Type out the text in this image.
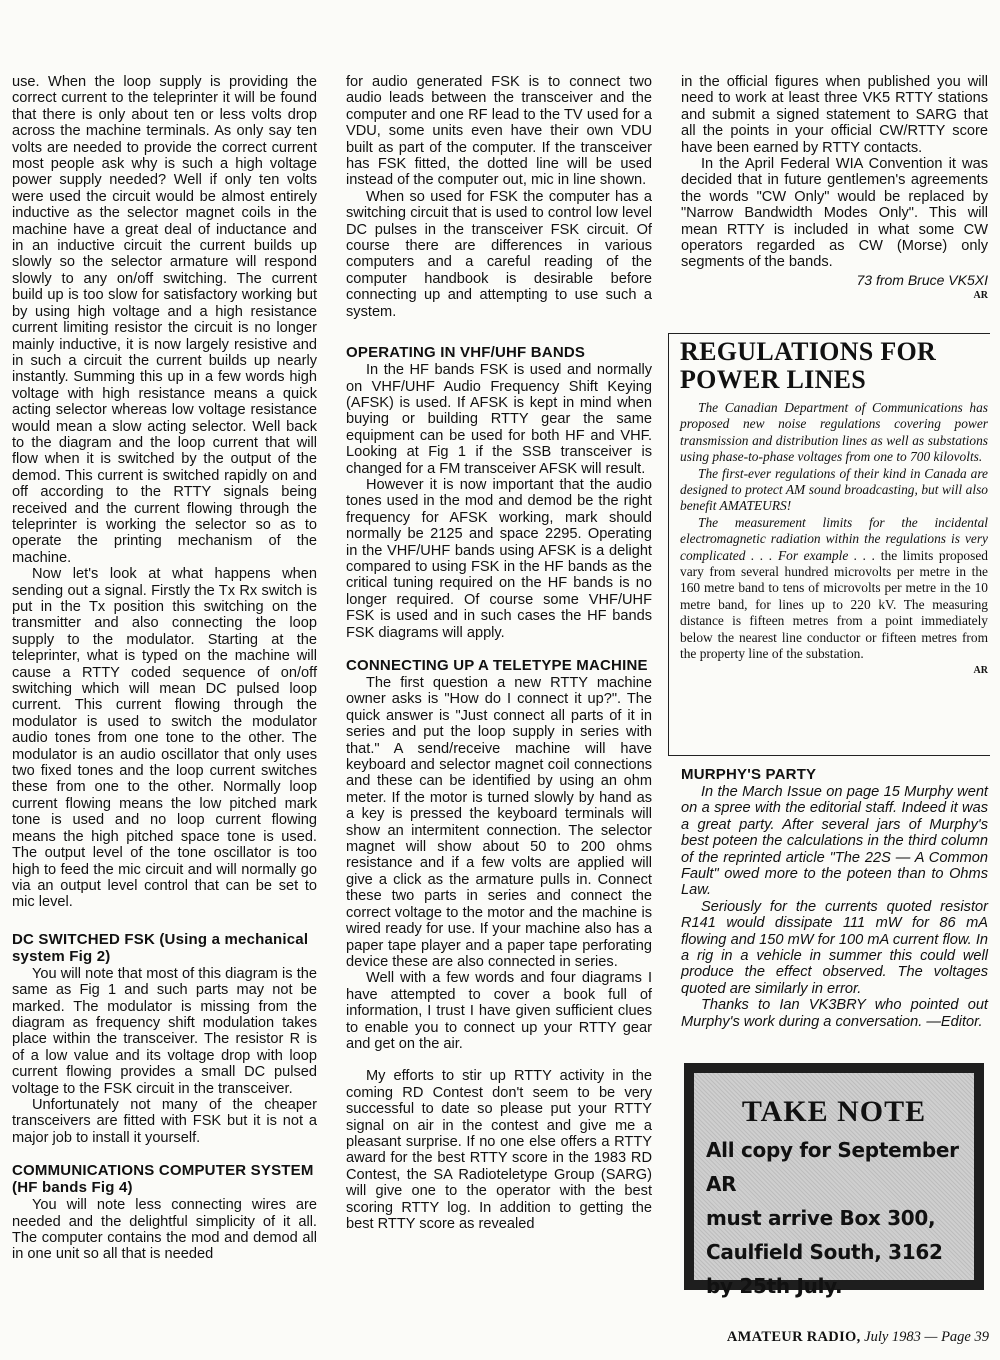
use. When the loop supply is providing the correct current to the teleprinter it will be found that there is only about ten or less volts drop across the machine terminals. As only say ten volts are needed to provide the correct current most people ask why is such a high voltage power supply needed? Well if only ten volts were used the circuit would be almost entirely inductive as the selector magnet coils in the machine have a great deal of inductance and in an inductive circuit the current builds up slowly so the selector armature will respond slowly to any on/off switching. The current build up is too slow for satisfactory working but by using high voltage and a high resistance current limiting resistor the circuit is no longer mainly inductive, it is now largely resistive and in such a circuit the current builds up nearly instantly. Summing this up in a few words high voltage with high resistance means a quick acting selector whereas low voltage resistance would mean a slow acting selector. Well back to the diagram and the loop current that will flow when it is switched by the output of the demod. This current is switched rapidly on and off according to the RTTY signals being received and the current flowing through the teleprinter is working the selector so as to operate the printing mechanism of the machine.

Now let's look at what happens when sending out a signal. Firstly the Tx Rx switch is put in the Tx position this switching on the transmitter and also connecting the loop supply to the modulator. Starting at the teleprinter, what is typed on the machine will cause a RTTY coded sequence of on/off switching which will mean DC pulsed loop current. This current flowing through the modulator is used to switch the modulator audio tones from one tone to the other. The modulator is an audio oscillator that only uses two fixed tones and the loop current switches these from one to the other. Normally loop current flowing means the low pitched mark tone is used and no loop current flowing means the high pitched space tone is used. The output level of the tone oscillator is too high to feed the mic circuit and will normally go via an output level control that can be set to mic level.

DC SWITCHED FSK (Using a mechanical system Fig 2)

You will note that most of this diagram is the same as Fig 1 and such parts may not be marked. The modulator is missing from the diagram as frequency shift modulation takes place within the transceiver. The resistor R is of a low value and its voltage drop with loop current flowing provides a small DC pulsed voltage to the FSK circuit in the transceiver.

Unfortunately not many of the cheaper transceivers are fitted with FSK but it is not a major job to install it yourself.

COMMUNICATIONS COMPUTER SYSTEM (HF bands Fig 4)

You will note less connecting wires are needed and the delightful simplicity of it all. The computer contains the mod and demod all in one unit so all that is needed

for audio generated FSK is to connect two audio leads between the transceiver and the computer and one RF lead to the TV used for a VDU, some units even have their own VDU built as part of the computer. If the transceiver has FSK fitted, the dotted line will be used instead of the computer out, mic in line shown.

When so used for FSK the computer has a switching circuit that is used to control low level DC pulses in the transceiver FSK circuit. Of course there are differences in various computers and a careful reading of the computer handbook is desirable before connecting up and attempting to use such a system.

OPERATING IN VHF/UHF BANDS

In the HF bands FSK is used and normally on VHF/UHF Audio Frequency Shift Keying (AFSK) is used. If AFSK is kept in mind when buying or building RTTY gear the same equipment can be used for both HF and VHF. Looking at Fig 1 if the SSB transceiver is changed for a FM transceiver AFSK will result.

However it is now important that the audio tones used in the mod and demod be the right frequency for AFSK working, mark should normally be 2125 and space 2295. Operating in the VHF/UHF bands using AFSK is a delight compared to using FSK in the HF bands as the critical tuning required on the HF bands is no longer required. Of course some VHF/UHF FSK is used and in such cases the HF bands FSK diagrams will apply.

CONNECTING UP A TELETYPE MACHINE

The first question a new RTTY machine owner asks is "How do I connect it up?". The quick answer is "Just connect all parts of it in series and put the loop supply in series with that." A send/receive machine will have keyboard and selector magnet coil connections and these can be identified by using an ohm meter. If the motor is turned slowly by hand as a key is pressed the keyboard terminals will show an intermitent connection. The selector magnet will show about 50 to 200 ohms resistance and if a few volts are applied will give a click as the armature pulls in. Connect these two parts in series and connect the correct voltage to the motor and the machine is wired ready for use. If your machine also has a paper tape player and a paper tape perforating device these are also connected in series.

Well with a few words and four diagrams I have attempted to cover a book full of information, I trust I have given sufficient clues to enable you to connect up your RTTY gear and get on the air.

My efforts to stir up RTTY activity in the coming RD Contest don't seem to be very successful to date so please put your RTTY signal on air in the contest and give me a pleasant surprise. If no one else offers a RTTY award for the best RTTY score in the 1983 RD Contest, the SA Radioteletype Group (SARG) will give one to the operator with the best scoring RTTY log. In addition to getting the best RTTY score as revealed

in the official figures when published you will need to work at least three VK5 RTTY stations and submit a signed statement to SARG that all the points in your official CW/RTTY score have been earned by RTTY contacts.

In the April Federal WIA Convention it was decided that in future gentlemen's agreements the words "CW Only" would be replaced by "Narrow Bandwidth Modes Only". This will mean RTTY is included in what some CW operators regarded as CW (Morse) only segments of the bands.

73 from Bruce VK5XI

AR

REGULATIONS FOR POWER LINES

The Canadian Department of Communications has proposed new noise regulations covering power transmission and distribution lines as well as substations using phase-to-phase voltages from one to 700 kilovolts.

The first-ever regulations of their kind in Canada are designed to protect AM sound broadcasting, but will also benefit AMATEURS!

The measurement limits for the incidental electromagnetic radiation within the regulations is very complicated . . . For example . . . the limits proposed vary from several hundred microvolts per metre in the 160 metre band to tens of microvolts per metre in the 10 metre band, for lines up to 220 kV. The measuring distance is fifteen metres from a point immediately below the nearest line conductor or fifteen metres from the property line of the substation.

AR

MURPHY'S PARTY

In the March Issue on page 15 Murphy went on a spree with the editorial staff. Indeed it was a great party. After several jars of Murphy's best poteen the calculations in the third column of the reprinted article "The 22S — A Common Fault" owed more to the poteen than to Ohms Law.

Seriously for the currents quoted resistor R141 would dissipate 111 mW for 86 mA flowing and 150 mW for 100 mA current flow. In a rig in a vehicle in summer this could well produce the effect observed. The voltages quoted are similarly in error.

Thanks to Ian VK3BRY who pointed out Murphy's work during a conversation. —Editor.

TAKE NOTE
All copy for September AR
must arrive Box 300,
Caulfield South, 3162
by 25th July.
AMATEUR RADIO, July 1983 — Page 39
